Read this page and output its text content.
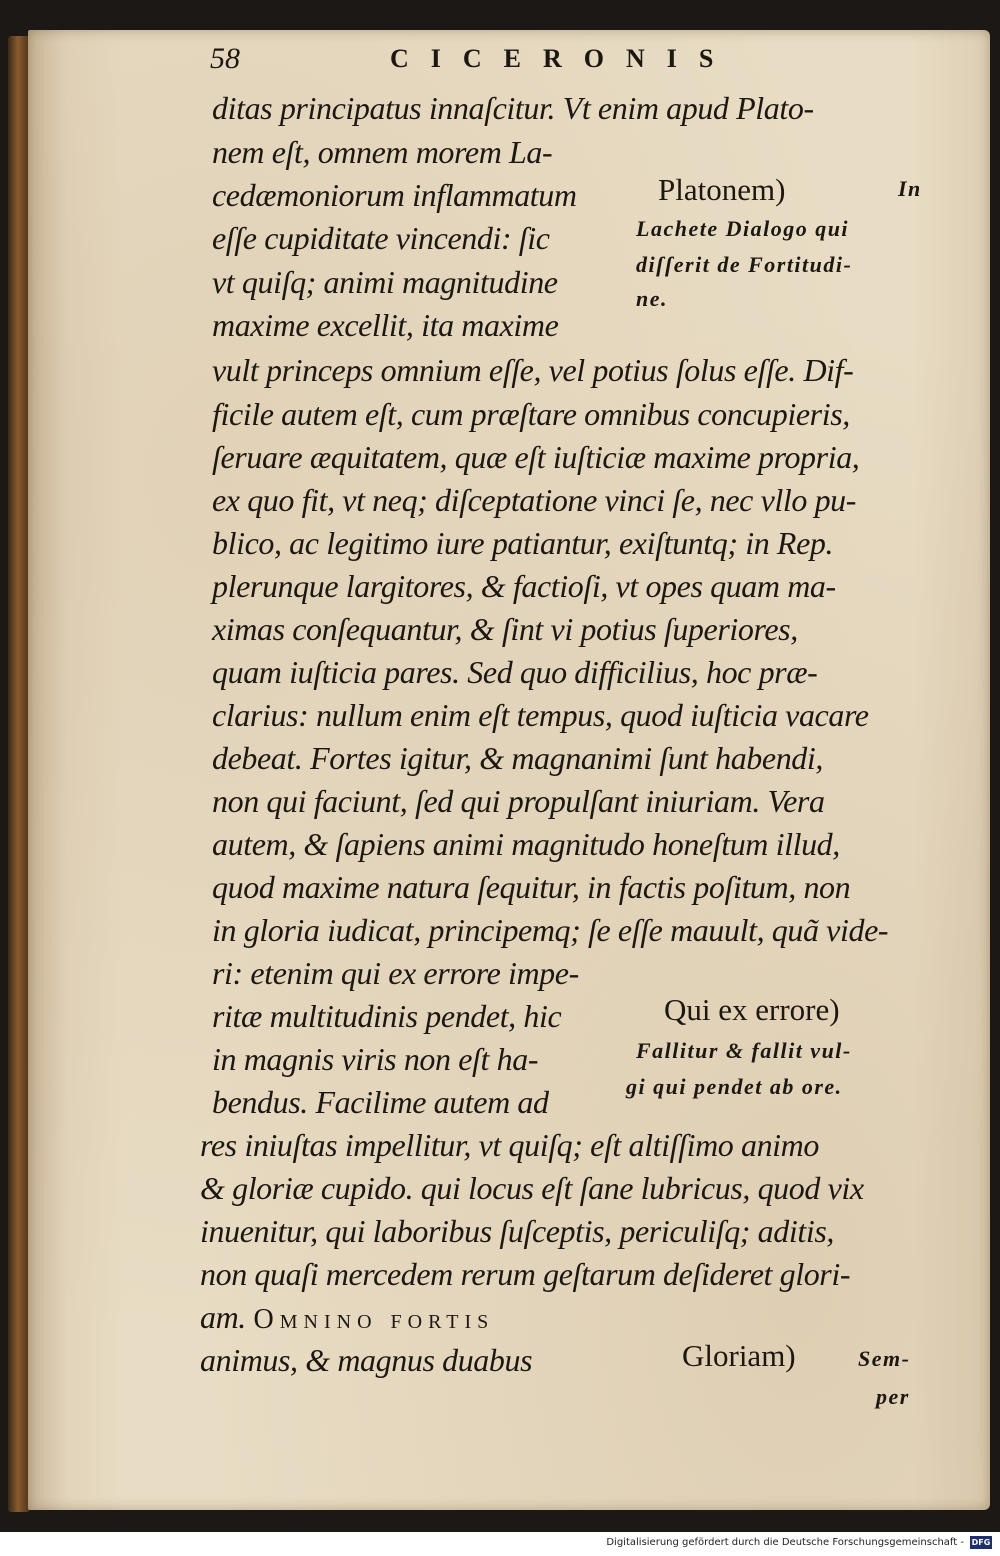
58	CICERONIS
ditas principatus innaſcitur. Vt enim apud Plato-
nem eſt, omnem morem La-
cedæmoniorum inflammatum
eſſe cupiditate vincendi: ſic
vt quiſq; animi magnitudine
maxime excellit, ita maxime
vult princeps omnium eſſe, vel potius ſolus eſſe. Dif-
ficile autem eſt, cum præſtare omnibus concupieris,
ſeruare æquitatem, quæ eſt iuſticiæ maxime propria,
ex quo fit, vt neq; diſceptatione vinci ſe, nec vllo pu-
blico, ac legitimo iure patiantur, exiſtuntq; in Rep.
plerunque largitores, & factioſi, vt opes quam ma-
ximas conſequantur, & ſint vi potius ſuperiores,
quam iuſticia pares. Sed quo difficilius, hoc præ-
clarius: nullum enim eſt tempus, quod iuſticia vacare
debeat. Fortes igitur, & magnanimi ſunt habendi,
non qui faciunt, ſed qui propulſant iniuriam. Vera
autem, & ſapiens animi magnitudo honeſtum illud,
quod maxime natura ſequitur, in factis poſitum, non
in gloria iudicat, principemq; ſe eſſe mauult, quã vide-
ri: etenim qui ex errore impe-
ritæ multitudinis pendet, hic
in magnis viris non eſt ha-
bendus. Facilime autem ad
res iniuſtas impellitur, vt quiſq; eſt altiſſimo animo
& gloriæ cupido. qui locus eſt ſane lubricus, quod vix
inuenitur, qui laboribus ſuſceptis, periculiſq; aditis,
non quaſi mercedem rerum geſtarum deſideret glori-
am. Omnino fortis
animus, & magnus duabus
Platonem)	In
Lachete Dialogo qui
diſſerit de Fortitudi-
ne.
Qui ex errore)
Fallitur & fallit vul-
gi qui pendet ab ore.
Gloriam)	Sem-
per
Digitalisierung gefördert durch die Deutsche Forschungsgemeinschaft - DFG
